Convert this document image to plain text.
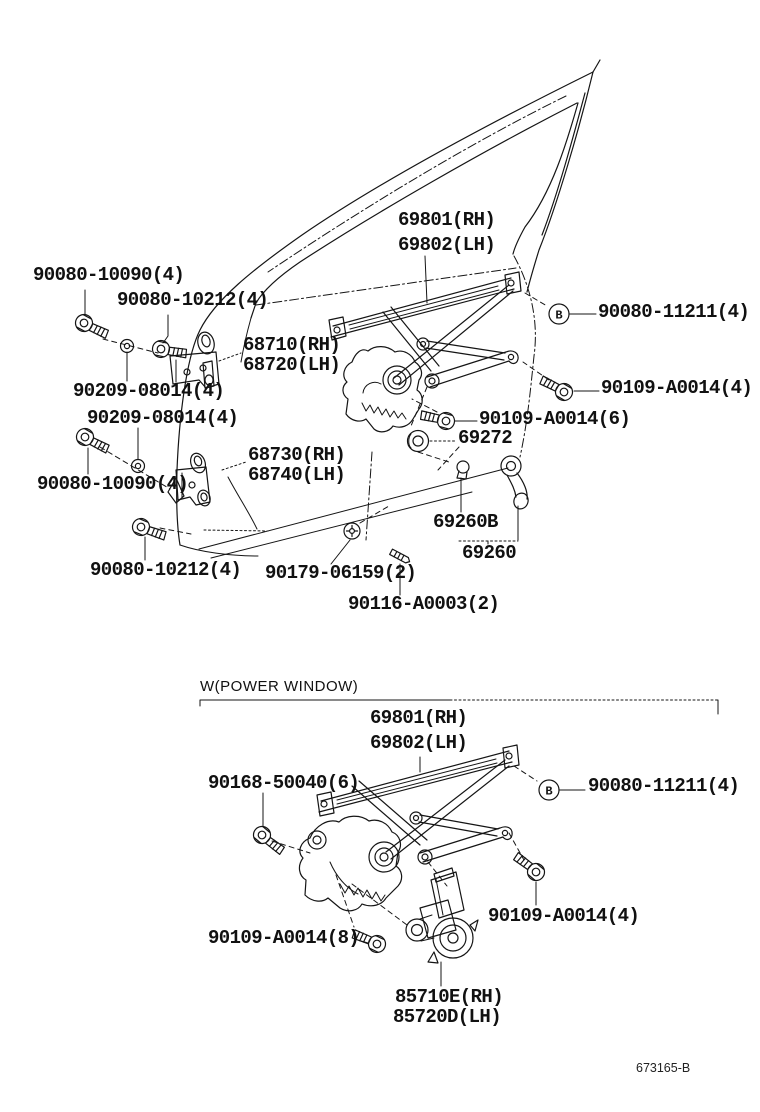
B
B
90080-10090(4)
90080-10212(4)
68710(RH)
68720(LH)
90209-08014(4)
90209-08014(4)
68730(RH)
68740(LH)
90080-10090(4)
90080-10212(4) 90179-06159(2)
90116-A0003(2)
69801(RH)
69802(LH)
90080-11211(4)
90109-A0014(4)
90109-A0014(6)
69272
69260B
69260
W(POWER WINDOW)
69801(RH)
69802(LH)
90168-50040(6)	90080-11211(4)
90109-A0014(4)
90109-A0014(8)
85710E(RH)
85720D(LH)
673165-B
